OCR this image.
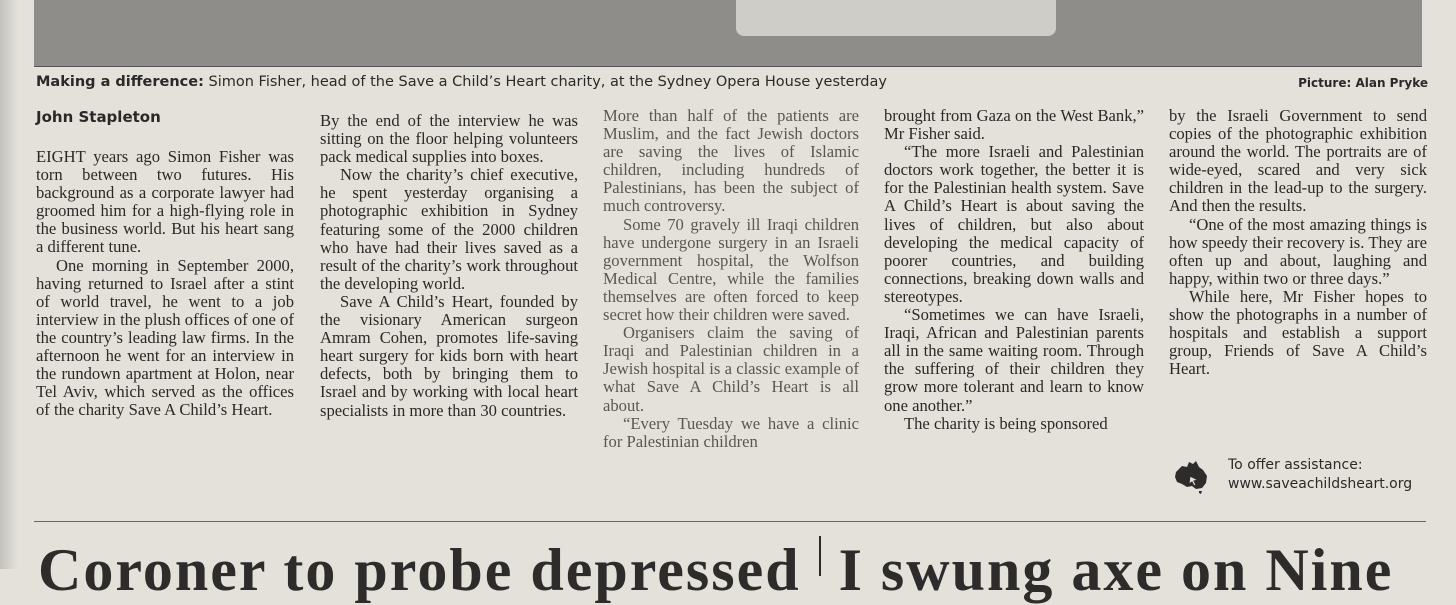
Making a difference: Simon Fisher, head of the Save a Child’s Heart charity, at the Sydney Opera House yesterday	Picture: Alan Pryke
John Stapleton

EIGHT years ago Simon Fisher was torn between two futures. His background as a corporate lawyer had groomed him for a high-flying role in the business world. But his heart sang a different tune.

One morning in September 2000, having returned to Israel after a stint of world travel, he went to a job interview in the plush offices of one of the country’s leading law firms. In the afternoon he went for an interview in the rundown apartment at Holon, near Tel Aviv, which served as the offices of the charity Save A Child’s Heart.

By the end of the interview he was sitting on the floor helping volunteers pack medical supplies into boxes.

Now the charity’s chief executive, he spent yesterday organising a photographic exhibition in Sydney featuring some of the 2000 children who have had their lives saved as a result of the charity’s work throughout the developing world.

Save A Child’s Heart, founded by the visionary American surgeon Amram Cohen, promotes life-saving heart surgery for kids born with heart defects, both by bringing them to Israel and by working with local heart specialists in more than 30 countries.

More than half of the patients are Muslim, and the fact Jewish doctors are saving the lives of Islamic children, including hundreds of Palestinians, has been the subject of much controversy.

Some 70 gravely ill Iraqi children have undergone surgery in an Israeli government hospital, the Wolfson Medical Centre, while the families themselves are often forced to keep secret how their children were saved.

Organisers claim the saving of Iraqi and Palestinian children in a Jewish hospital is a classic example of what Save A Child’s Heart is all about.

“Every Tuesday we have a clinic for Palestinian children

brought from Gaza on the West Bank,” Mr Fisher said.

“The more Israeli and Palestinian doctors work together, the better it is for the Palestinian health system. Save A Child’s Heart is about saving the lives of children, but also about developing the medical capacity of poorer countries, and building connections, breaking down walls and stereotypes.

“Sometimes we can have Israeli, Iraqi, African and Palestinian parents all in the same waiting room. Through the suffering of their children they grow more tolerant and learn to know one another.”

The charity is being sponsored

by the Israeli Government to send copies of the photographic exhibition around the world. The portraits are of wide-eyed, scared and very sick children in the lead-up to the surgery. And then the results.

“One of the most amazing things is how speedy their recovery is. They are often up and about, laughing and happy, within two or three days.”

While here, Mr Fisher hopes to show the photographs in a number of hospitals and establish a support group, Friends of Save A Child’s Heart.

To offer assistance:
www.saveachildsheart.org
Coroner to probe depressed I swung axe on Nine
